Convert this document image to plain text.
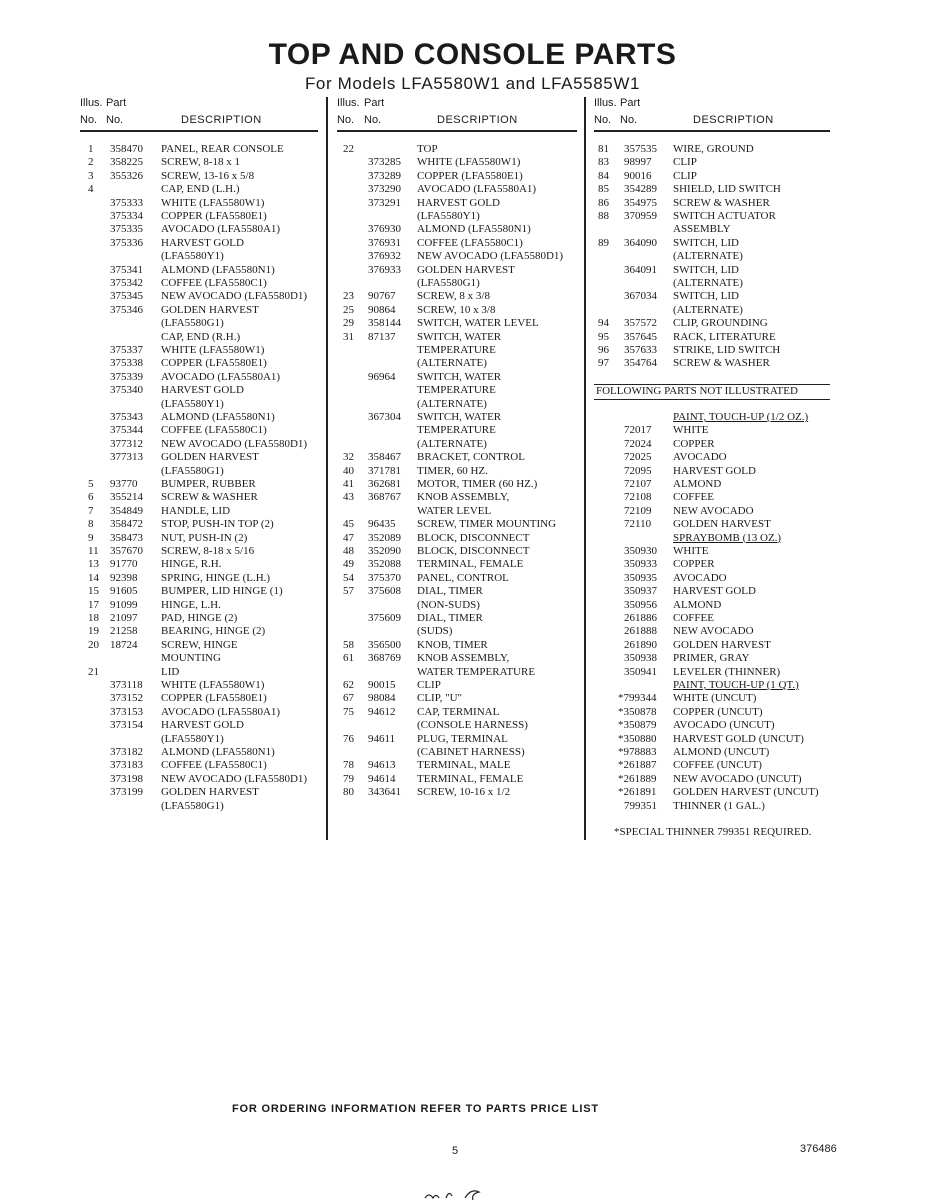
TOP AND CONSOLE PARTS
For Models LFA5580W1 and LFA5585W1
Illus. Part
No. No.	DESCRIPTION
1 358470 PANEL, REAR CONSOLE
2 358225 SCREW, 8-18 x 1
3 355326 SCREW, 13-16 x 5/8
4	CAP, END (L.H.)
375333 WHITE (LFA5580W1)
375334 COPPER (LFA5580E1)
375335 AVOCADO (LFA5580A1)
375336 HARVEST GOLD
(LFA5580Y1)
375341 ALMOND (LFA5580N1)
375342 COFFEE (LFA5580C1)
375345 NEW AVOCADO (LFA5580D1)
375346 GOLDEN HARVEST
(LFA5580G1)
CAP, END (R.H.)
375337 WHITE (LFA5580W1)
375338 COPPER (LFA5580E1)
375339 AVOCADO (LFA5580A1)
375340 HARVEST GOLD
(LFA5580Y1)
375343 ALMOND (LFA5580N1)
375344 COFFEE (LFA5580C1)
377312 NEW AVOCADO (LFA5580D1)
377313 GOLDEN HARVEST
(LFA5580G1)
5 93770 BUMPER, RUBBER
6 355214 SCREW & WASHER
7 354849 HANDLE, LID
8 358472 STOP, PUSH-IN TOP (2)
9 358473 NUT, PUSH-IN (2)
11 357670 SCREW, 8-18 x 5/16
13 91770 HINGE, R.H.
14 92398 SPRING, HINGE (L.H.)
15 91605 BUMPER, LID HINGE (1)
17 91099 HINGE, L.H.
18 21097 PAD, HINGE (2)
19 21258 BEARING, HINGE (2)
20 18724 SCREW, HINGE
MOUNTING
21	LID
373118 WHITE (LFA5580W1)
373152 COPPER (LFA5580E1)
373153 AVOCADO (LFA5580A1)
373154 HARVEST GOLD
(LFA5580Y1)
373182 ALMOND (LFA5580N1)
373183 COFFEE (LFA5580C1)
373198 NEW AVOCADO (LFA5580D1)
373199 GOLDEN HARVEST
(LFA5580G1)
Illus. Part
No. No.	DESCRIPTION
22	TOP
373285 WHITE (LFA5580W1)
373289 COPPER (LFA5580E1)
373290 AVOCADO (LFA5580A1)
373291 HARVEST GOLD
(LFA5580Y1)
376930 ALMOND (LFA5580N1)
376931 COFFEE (LFA5580C1)
376932 NEW AVOCADO (LFA5580D1)
376933 GOLDEN HARVEST
(LFA5580G1)
23 90767 SCREW, 8 x 3/8
25 90864 SCREW, 10 x 3/8
29 358144 SWITCH, WATER LEVEL
31 87137 SWITCH, WATER
TEMPERATURE
(ALTERNATE)
96964 SWITCH, WATER
TEMPERATURE
(ALTERNATE)
367304 SWITCH, WATER
TEMPERATURE
(ALTERNATE)
32 358467 BRACKET, CONTROL
40 371781 TIMER, 60 HZ.
41 362681 MOTOR, TIMER (60 HZ.)
43 368767 KNOB ASSEMBLY,
WATER LEVEL
45 96435 SCREW, TIMER MOUNTING
47 352089 BLOCK, DISCONNECT
48 352090 BLOCK, DISCONNECT
49 352088 TERMINAL, FEMALE
54 375370 PANEL, CONTROL
57 375608 DIAL, TIMER
(NON-SUDS)
375609 DIAL, TIMER
(SUDS)
58 356500 KNOB, TIMER
61 368769 KNOB ASSEMBLY,
WATER TEMPERATURE
62 90015 CLIP
67 98084 CLIP, "U"
75 94612 CAP, TERMINAL
(CONSOLE HARNESS)
76 94611 PLUG, TERMINAL
(CABINET HARNESS)
78 94613 TERMINAL, MALE
79 94614 TERMINAL, FEMALE
80 343641 SCREW, 10-16 x 1/2
Illus. Part
No. No.	DESCRIPTION
81 357535 WIRE, GROUND
83 98997 CLIP
84 90016 CLIP
85 354289 SHIELD, LID SWITCH
86 354975 SCREW & WASHER
88 370959 SWITCH ACTUATOR
ASSEMBLY
89 364090 SWITCH, LID
(ALTERNATE)
364091 SWITCH, LID
(ALTERNATE)
367034 SWITCH, LID
(ALTERNATE)
94 357572 CLIP, GROUNDING
95 357645 RACK, LITERATURE
96 357633 STRIKE, LID SWITCH
97 354764 SCREW & WASHER
FOLLOWING PARTS NOT ILLUSTRATED
PAINT, TOUCH-UP (1/2 OZ.)
72017 WHITE
72024 COPPER
72025 AVOCADO
72095 HARVEST GOLD
72107 ALMOND
72108 COFFEE
72109 NEW AVOCADO
72110 GOLDEN HARVEST
SPRAYBOMB (13 OZ.)
350930 WHITE
350933 COPPER
350935 AVOCADO
350937 HARVEST GOLD
350956 ALMOND
261886 COFFEE
261888 NEW AVOCADO
261890 GOLDEN HARVEST
350938 PRIMER, GRAY
350941 LEVELER (THINNER)
PAINT, TOUCH-UP (1 QT.)
*799344 WHITE (UNCUT)
*350878 COPPER (UNCUT)
*350879 AVOCADO (UNCUT)
*350880 HARVEST GOLD (UNCUT)
*978883 ALMOND (UNCUT)
*261887 COFFEE (UNCUT)
*261889 NEW AVOCADO (UNCUT)
*261891 GOLDEN HARVEST (UNCUT)
799351 THINNER (1 GAL.)
*SPECIAL THINNER 799351 REQUIRED.
FOR ORDERING INFORMATION REFER TO PARTS PRICE LIST
5	376486
